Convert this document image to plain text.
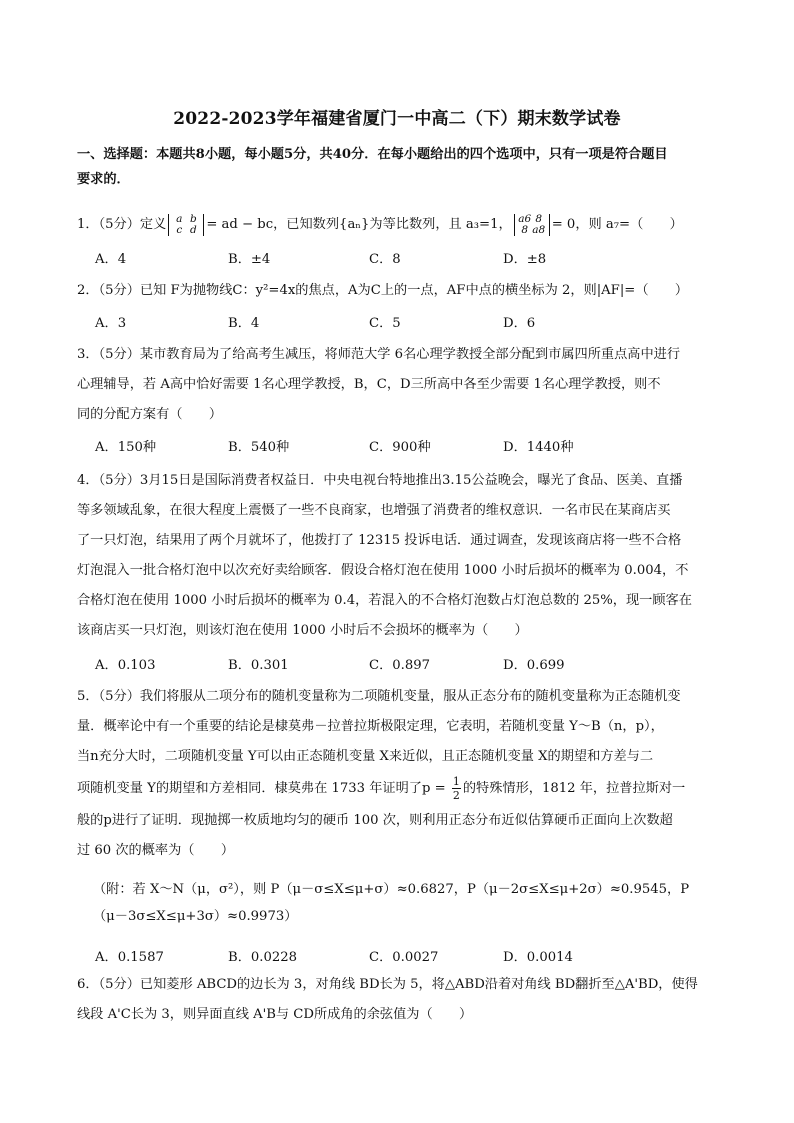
2022-2023学年福建省厦门一中高二（下）期末数学试卷
一、选择题：本题共8小题，每小题5分，共40分．在每小题给出的四个选项中，只有一项是符合题目
要求的．
1．（5分）定义 a b
c d = ad − bc，已知数列{aₙ}为等比数列，且 a₃=1， a6 8
8 a8 = 0，则 a₇=（　　）
A．4	B．±4	C．8	D．±8
2．（5分）已知 F为抛物线C：y²=4x的焦点，A为C上的一点，AF中点的横坐标为 2，则|AF|=（　　）
A．3	B．4	C．5	D．6
3．（5分）某市教育局为了给高考生减压，将师范大学 6名心理学教授全部分配到市属四所重点高中进行
心理辅导，若 A高中恰好需要 1名心理学教授，B，C，D三所高中各至少需要 1名心理学教授，则不
同的分配方案有（　　）
A．150种	B．540种	C．900种	D．1440种
4．（5分）3月15日是国际消费者权益日．中央电视台特地推出3.15公益晚会，曝光了食品、医美、直播
等多领域乱象，在很大程度上震慑了一些不良商家，也增强了消费者的维权意识．一名市民在某商店买
了一只灯泡，结果用了两个月就坏了，他拨打了 12315 投诉电话．通过调查，发现该商店将一些不合格
灯泡混入一批合格灯泡中以次充好卖给顾客．假设合格灯泡在使用 1000 小时后损坏的概率为 0.004，不
合格灯泡在使用 1000 小时后损坏的概率为 0.4，若混入的不合格灯泡数占灯泡总数的 25%，现一顾客在
该商店买一只灯泡，则该灯泡在使用 1000 小时后不会损坏的概率为（　　）
A．0.103	B．0.301	C．0.897	D．0.699
5．（5分）我们将服从二项分布的随机变量称为二项随机变量，服从正态分布的随机变量称为正态随机变
量．概率论中有一个重要的结论是棣莫弗－拉普拉斯极限定理，它表明，若随机变量 Y～B（n，p），
当n充分大时，二项随机变量 Y可以由正态随机变量 X来近似，且正态随机变量 X的期望和方差与二
项随机变量 Y的期望和方差相同．棣莫弗在 1733 年证明了$p = \frac{1}{2}$ 的特殊情形，1812 年，拉普拉斯对一
般的p进行了证明．现抛掷一枚质地均匀的硬币 100 次，则利用正态分布近似估算硬币正面向上次数超
过 60 次的概率为（　　）
（附：若 X～N（μ，σ²），则 P（μ－σ≤X≤μ+σ）≈0.6827，P（μ－2σ≤X≤μ+2σ）≈0.9545，P
（μ－3σ≤X≤μ+3σ）≈0.9973）
A．0.1587	B．0.0228	C．0.0027	D．0.0014
6．（5分）已知菱形 ABCD的边长为 3，对角线 BD长为 5，将△ABD沿着对角线 BD翻折至△A'BD，使得
线段 A'C长为 3，则异面直线 A'B与 CD所成角的余弦值为（　　）
